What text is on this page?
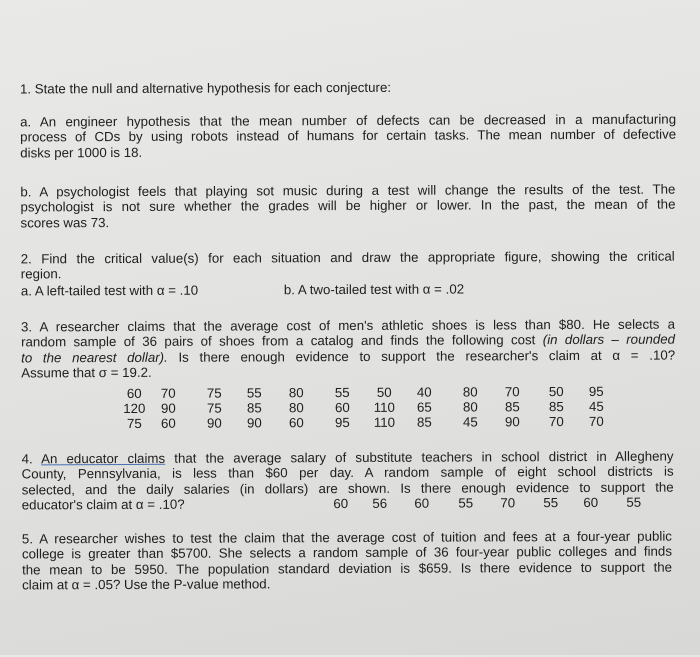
1. State the null and alternative hypothesis for each conjecture:
a. An engineer hypothesis that the mean number of defects can be decreased in a manufacturing
process of CDs by using robots instead of humans for certain tasks. The mean number of defective
disks per 1000 is 18.
b. A psychologist feels that playing sot music during a test will change the results of the test. The
psychologist is not sure whether the grades will be higher or lower. In the past, the mean of the
scores was 73.
2. Find the critical value(s) for each situation and draw the appropriate figure, showing the critical
region.
a. A left-tailed test with α = .10	b. A two-tailed test with α = .02
3. A researcher claims that the average cost of men's athletic shoes is less than $80. He selects a
random sample of 36 pairs of shoes from a catalog and finds the following cost (in dollars – rounded
to the nearest dollar). Is there enough evidence to support the researcher's claim at α = .10?
Assume that σ = 19.2.
60	70	75	55	80	55	50	40	80	70	50	95
120	90	75	85	80	60	110	65	80	85	85	45
75	60	90	90	60	95	110	85	45	90	70	70
4. An educator claims that the average salary of substitute teachers in school district in Allegheny
County, Pennsylvania, is less than $60 per day. A random sample of eight school districts is
selected, and the daily salaries (in dollars) are shown. Is there enough evidence to support the
educator's claim at α = .10?	60	56	60	55	70	55	60	55
5. A researcher wishes to test the claim that the average cost of tuition and fees at a four-year public
college is greater than $5700. She selects a random sample of 36 four-year public colleges and finds
the mean to be 5950. The population standard deviation is $659. Is there evidence to support the
claim at α = .05? Use the P-value method.
